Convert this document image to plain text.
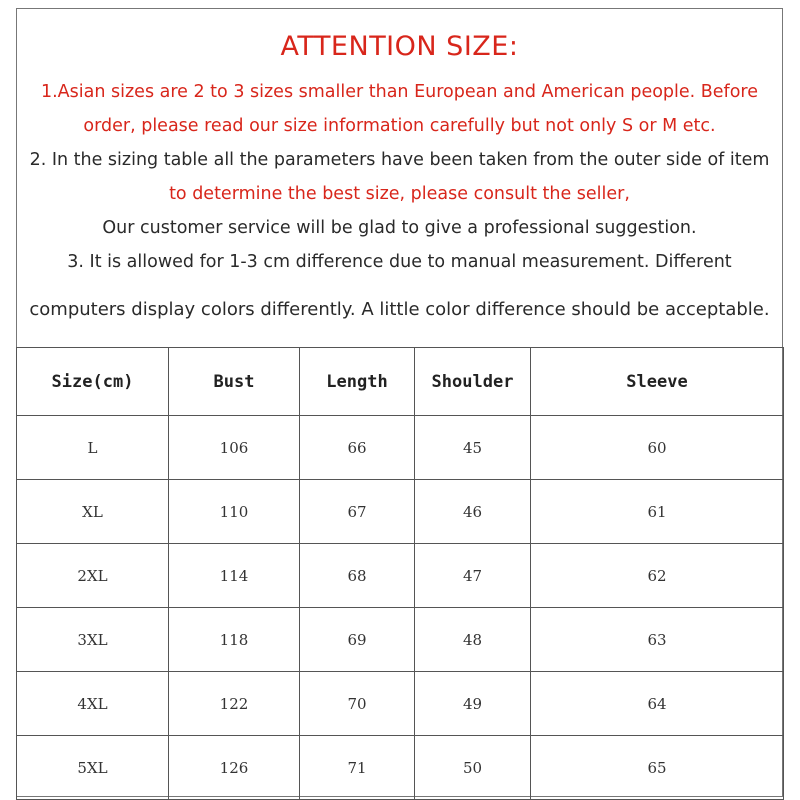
ATTENTION SIZE:
1.Asian sizes are 2 to 3 sizes smaller than European and American people. Before
order, please read our size information carefully but not only S or M etc.
2. In the sizing table all the parameters have been taken from the outer side of item
to determine the best size, please consult the seller,
Our customer service will be glad to give a professional suggestion.
3. It is allowed for 1-3 cm difference due to manual measurement. Different
computers display colors differently. A little color difference should be acceptable.
Size(cm)	Bust	Length	Shoulder	Sleeve
L	106	66	45	60
XL	110	67	46	61
2XL	114	68	47	62
3XL	118	69	48	63
4XL	122	70	49	64
5XL	126	71	50	65
